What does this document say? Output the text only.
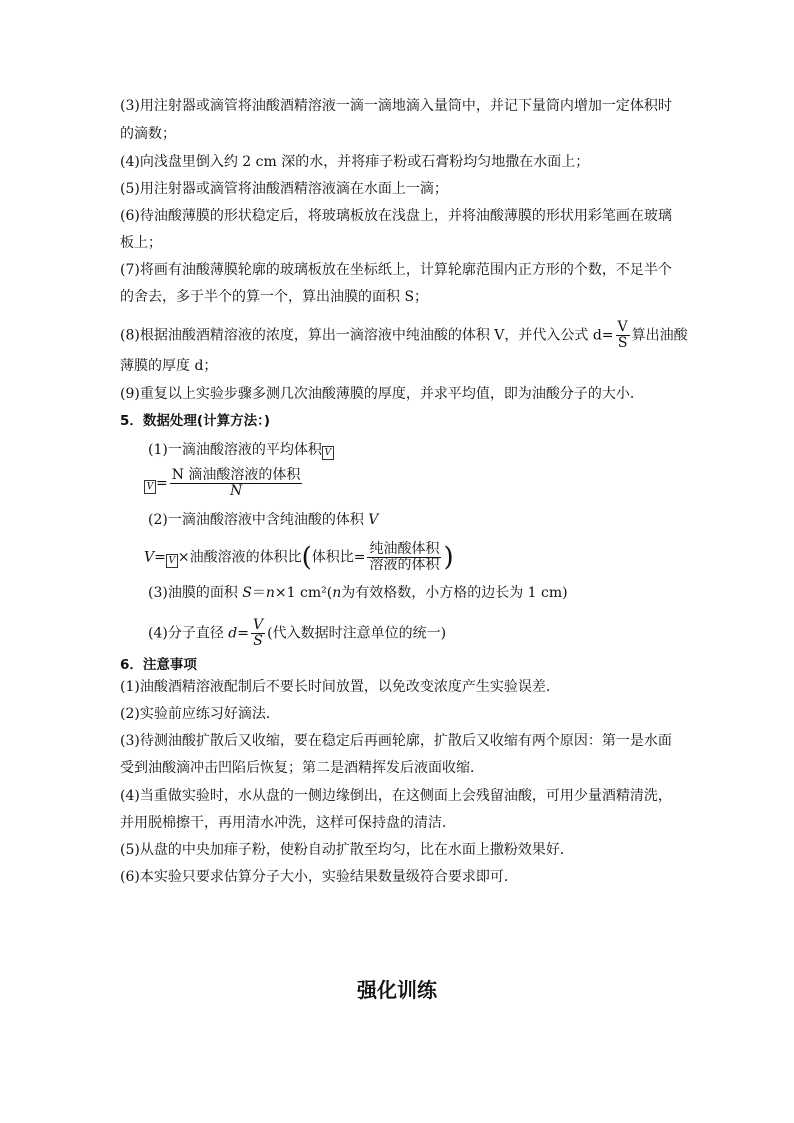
(3)用注射器或滴管将油酸酒精溶液一滴一滴地滴入量筒中，并记下量筒内增加一定体积时
的滴数；
(4)向浅盘里倒入约 2 cm 深的水，并将痱子粉或石膏粉均匀地撒在水面上；
(5)用注射器或滴管将油酸酒精溶液滴在水面上一滴；
(6)待油酸薄膜的形状稳定后，将玻璃板放在浅盘上，并将油酸薄膜的形状用彩笔画在玻璃
板上；
(7)将画有油酸薄膜轮廓的玻璃板放在坐标纸上，计算轮廓范围内正方形的个数，不足半个
的舍去，多于半个的算一个，算出油膜的面积 S；
(8)根据油酸酒精溶液的浓度，算出一滴溶液中纯油酸的体积 V，并代入公式 $d= \frac{V}{S}$ 算出油酸
薄膜的厚度 d；
(9)重复以上实验步骤多测几次油酸薄膜的厚度，并求平均值，即为油酸分子的大小．
5．数据处理(计算方法：)
(1)一滴油酸溶液的平均体积 V
$V = \frac{\text{N 滴油酸溶液的体积}}{N}$
(2)一滴油酸溶液中含纯油酸的体积 V
V= V ×油酸溶液的体积比(体积比= $\frac{\text{纯油酸体积}}{\text{溶液的体积}}$ )
(3)油膜的面积 S＝n×1 cm²(n为有效格数，小方格的边长为 1 cm)
(4)分子直径 $d= \frac{V}{S}$ (代入数据时注意单位的统一)
6．注意事项
(1)油酸酒精溶液配制后不要长时间放置，以免改变浓度产生实验误差．
(2)实验前应练习好滴法．
(3)待测油酸扩散后又收缩，要在稳定后再画轮廓，扩散后又收缩有两个原因：第一是水面
受到油酸滴冲击凹陷后恢复；第二是酒精挥发后液面收缩．
(4)当重做实验时，水从盘的一侧边缘倒出，在这侧面上会残留油酸，可用少量酒精清洗，
并用脱棉擦干，再用清水冲洗，这样可保持盘的清洁．
(5)从盘的中央加痱子粉，使粉自动扩散至均匀，比在水面上撒粉效果好．
(6)本实验只要求估算分子大小，实验结果数量级符合要求即可．
强化训练
